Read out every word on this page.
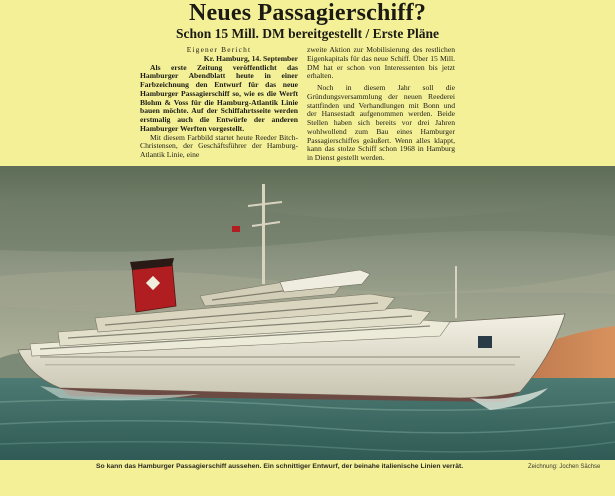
Neues Passagierschiff?
Schon 15 Mill. DM bereitgestellt / Erste Pläne

Eigener Bericht

Kr. Hamburg, 14. September

Als erste Zeitung veröffentlicht das Hamburger Abendblatt heute in einer Farbzeichnung den Entwurf für das neue Hamburger Passagierschiff so, wie es die Werft Blohm & Voss für die Hamburg-Atlantik Linie bauen möchte. Auf der Schiffahrtsseite werden erstmalig auch die Entwürfe der anderen Hamburger Werften vorgestellt.

Mit diesem Farbbild startet heute Reeder Bitch-Christensen, der Geschäftsführer der Hamburg-Atlantik Linie, eine

zweite Aktion zur Mobilisierung des restlichen Eigenkapitals für das neue Schiff. Über 15 Mill. DM hat er schon von Interessenten bis jetzt erhalten.

Noch in diesem Jahr soll die Gründungsversammlung der neuen Reederei stattfinden und Verhandlungen mit Bonn und der Hansestadt aufgenommen werden. Beide Stellen haben sich bereits vor drei Jahren wohlwollend zum Bau eines Hamburger Passagierschiffes geäußert. Wenn alles klappt, kann das stolze Schiff schon 1968 in Hamburg in Dienst gestellt werden.

So kann das Hamburger Passagierschiff aussehen. Ein schnittiger Entwurf, der beinahe italienische Linien verrät.	Zeichnung: Jochen Sächse
